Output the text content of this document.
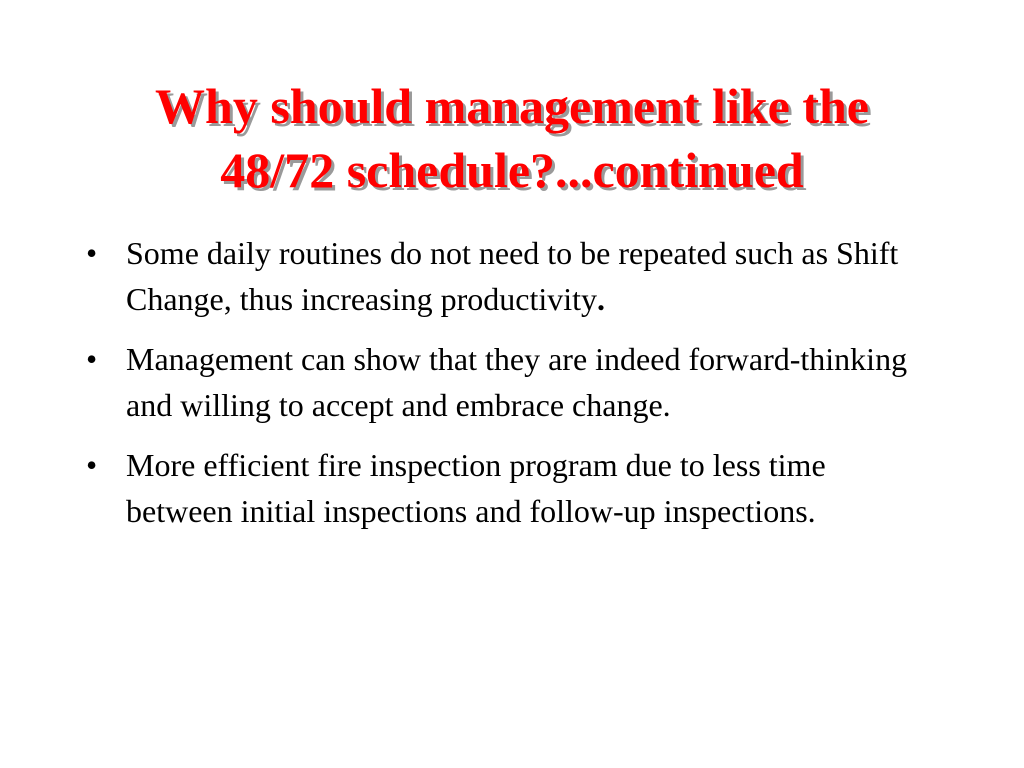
Why should management like the
48/72 schedule?...continued
• Some daily routines do not need to be repeated such as Shift Change, thus increasing productivity.
• Management can show that they are indeed forward-thinking and willing to accept and embrace change.
• More efficient fire inspection program due to less time between initial inspections and follow-up inspections.
